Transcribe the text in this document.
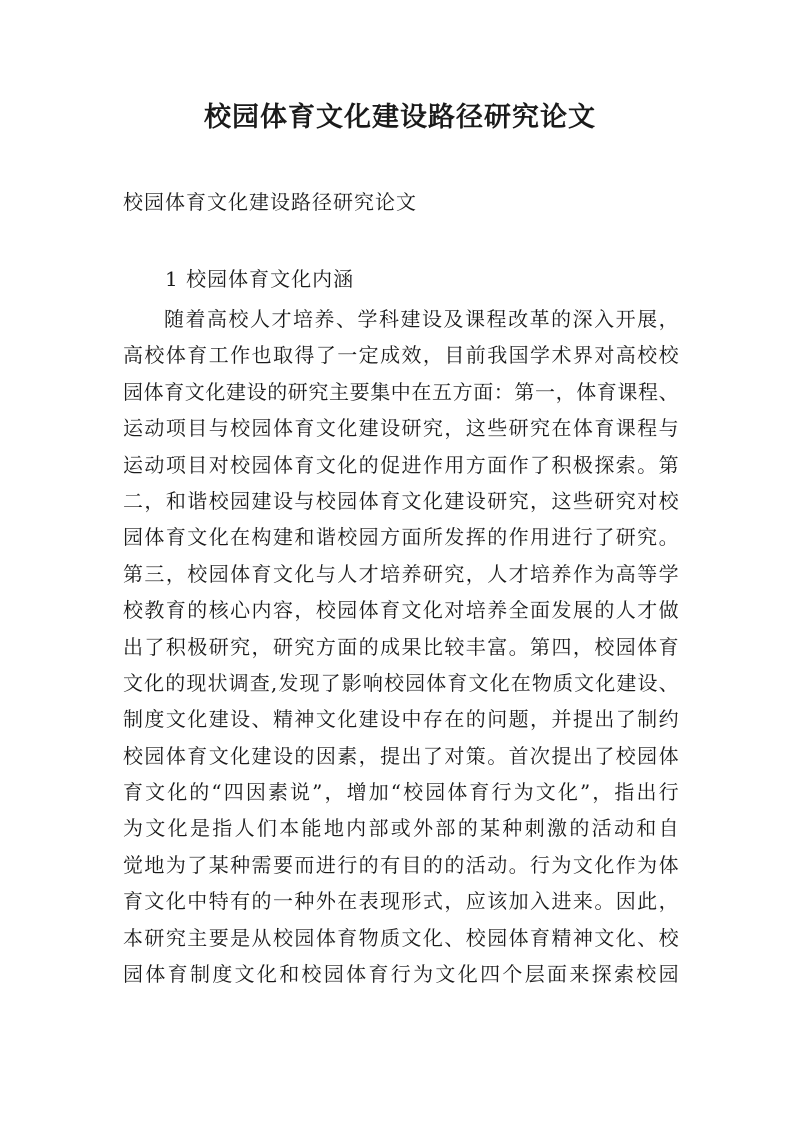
校园体育文化建设路径研究论文

校园体育文化建设路径研究论文

1 校园体育文化内涵

随着高校人才培养、学科建设及课程改革的深入开展，
高校体育工作也取得了一定成效，目前我国学术界对高校校
园体育文化建设的研究主要集中在五方面：第一，体育课程、
运动项目与校园体育文化建设研究，这些研究在体育课程与
运动项目对校园体育文化的促进作用方面作了积极探索。第
二，和谐校园建设与校园体育文化建设研究，这些研究对校
园体育文化在构建和谐校园方面所发挥的作用进行了研究。
第三，校园体育文化与人才培养研究，人才培养作为高等学
校教育的核心内容，校园体育文化对培养全面发展的人才做
出了积极研究，研究方面的成果比较丰富。第四，校园体育
文化的现状调查,发现了影响校园体育文化在物质文化建设、
制度文化建设、精神文化建设中存在的问题，并提出了制约
校园体育文化建设的因素，提出了对策。首次提出了校园体
育文化的“四因素说”，增加“校园体育行为文化”，指出行
为文化是指人们本能地内部或外部的某种刺激的活动和自
觉地为了某种需要而进行的有目的的活动。行为文化作为体
育文化中特有的一种外在表现形式，应该加入进来。因此，
本研究主要是从校园体育物质文化、校园体育精神文化、校
园体育制度文化和校园体育行为文化四个层面来探索校园
